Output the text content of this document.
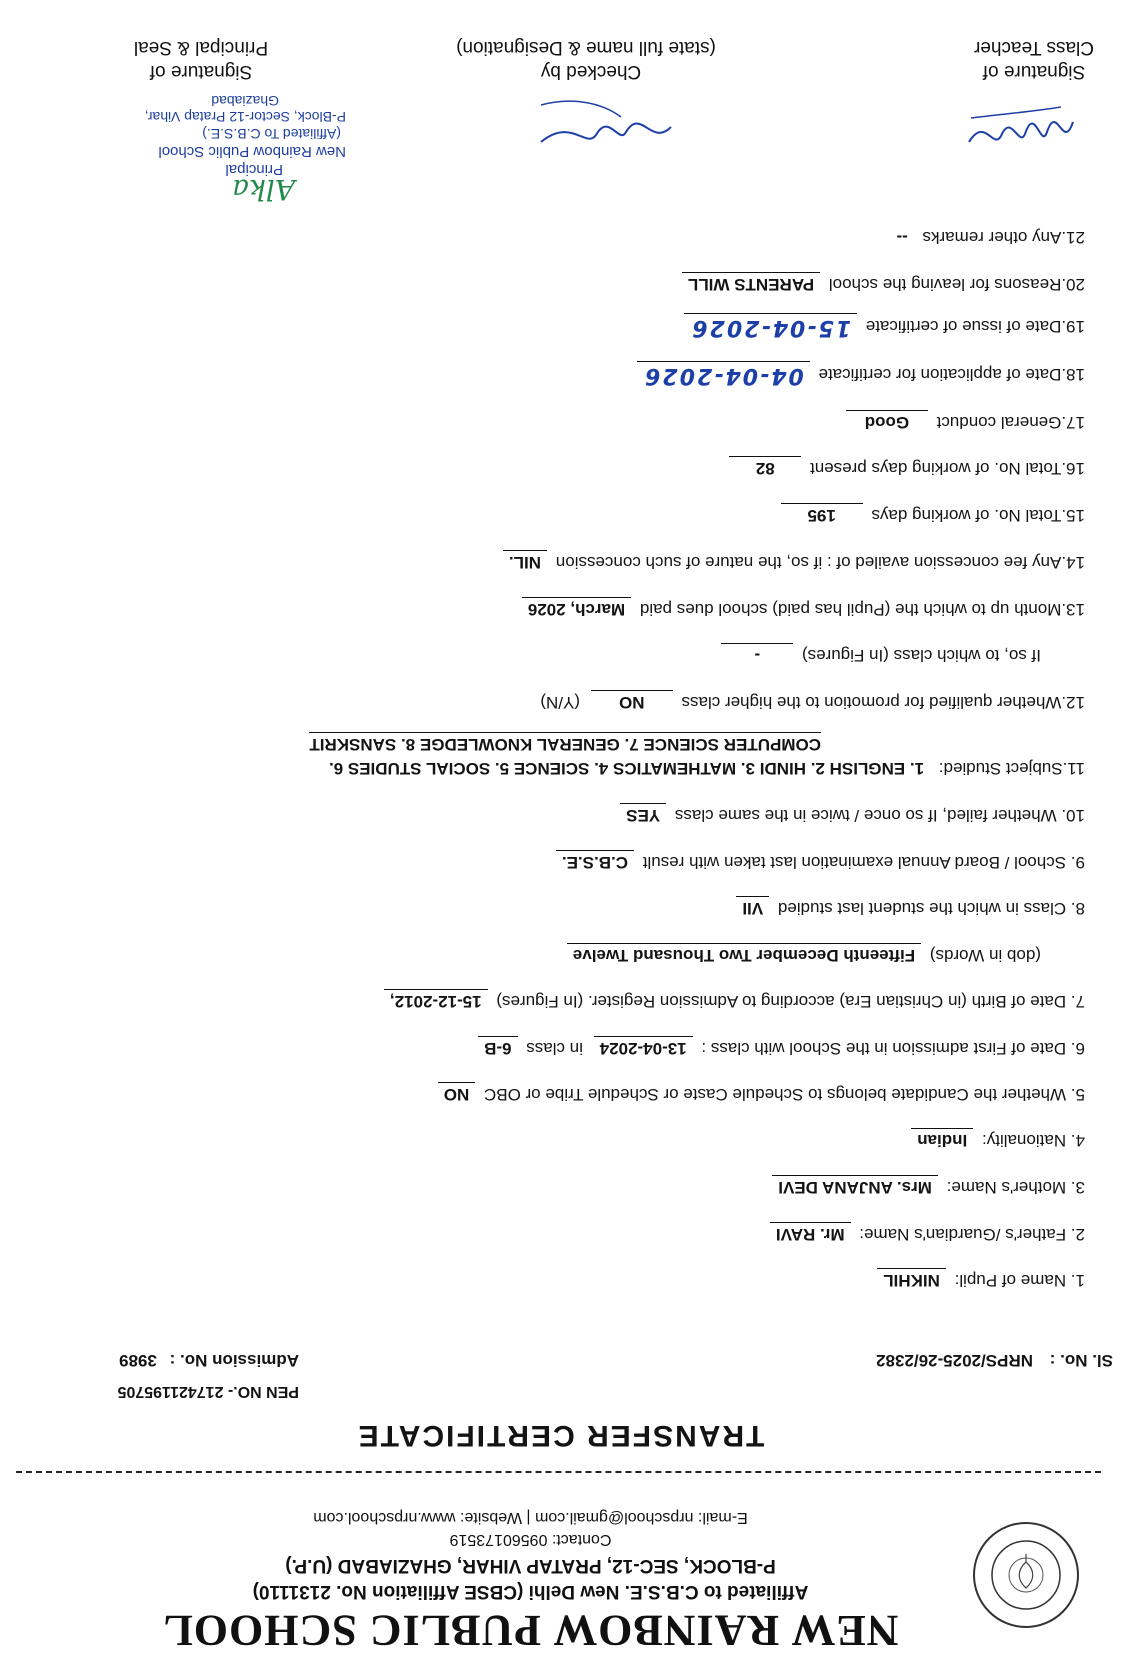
NEW RAINBOW PUBLIC SCHOOL
Affiliated to C.B.S.E. New Delhi (CBSE Affiliation No. 2131110)
P-BLOCK, SEC-12, PRATAP VIHAR, GHAZIABAD (U.P.)
Contact: 09560173519
E-mail: nrpschool@gmail.com | Website: www.nrpschool.com
TRANSFER CERTIFICATE
PEN NO.- 217421195705
Sl. No. : NRPS/2025-26/2382
Admission No. : 3989
1. Name of Pupil: NIKHIL
2. Father's /Guardian's Name: Mr. RAVI
3. Mother's Name: Mrs. ANJANA DEVI
4. Nationality: Indian
5. Whether the Candidate belongs to Schedule Caste or Schedule Tribe or OBC NO
6. Date of First admission in the School with class : 13-04-2024 in class 6-B
7. Date of Birth (in Christian Era) according to Admission Register. (In Figures) 15-12-2012,
(dob in Words) Fifteenth December Two Thousand Twelve
8. Class in which the student last studied VII
9. School / Board Annual examination last taken with result C.B.S.E.
10. Whether failed, If so once / twice in the same class YES
11.Subject Studied: 1. ENGLISH 2. HINDI 3. MATHEMATICS 4. SCIENCE 5. SOCIAL STUDIES 6.
COMPUTER SCIENCE 7. GENERAL KNOWLEDGE 8. SANSKRIT
12.Whether qualified for promotion to the higher class NO (Y/N)
If so, to which class (In Figures) -
13.Month up to which the (Pupil has paid) school dues paid March, 2026
14.Any fee concession availed of : if so, the nature of such concession NIL.
15.Total No. of working days 195
16.Total No. of working days present 82
17.General conduct Good
18.Date of application for certificate 04-04-2026
19.Date of issue of certificate 15-04-2026
20.Reasons for leaving the school PARENTS WILL
21.Any other remarks --
Alka
Principal
New Rainbow Public School
(Affiliated To C.B.S.E.)
P-Block, Sector-12 Pratap Vihar,
Ghaziabad
Signature of
Class Teacher
Checked by
(state full name & Designation)
Signature of
Principal & Seal
